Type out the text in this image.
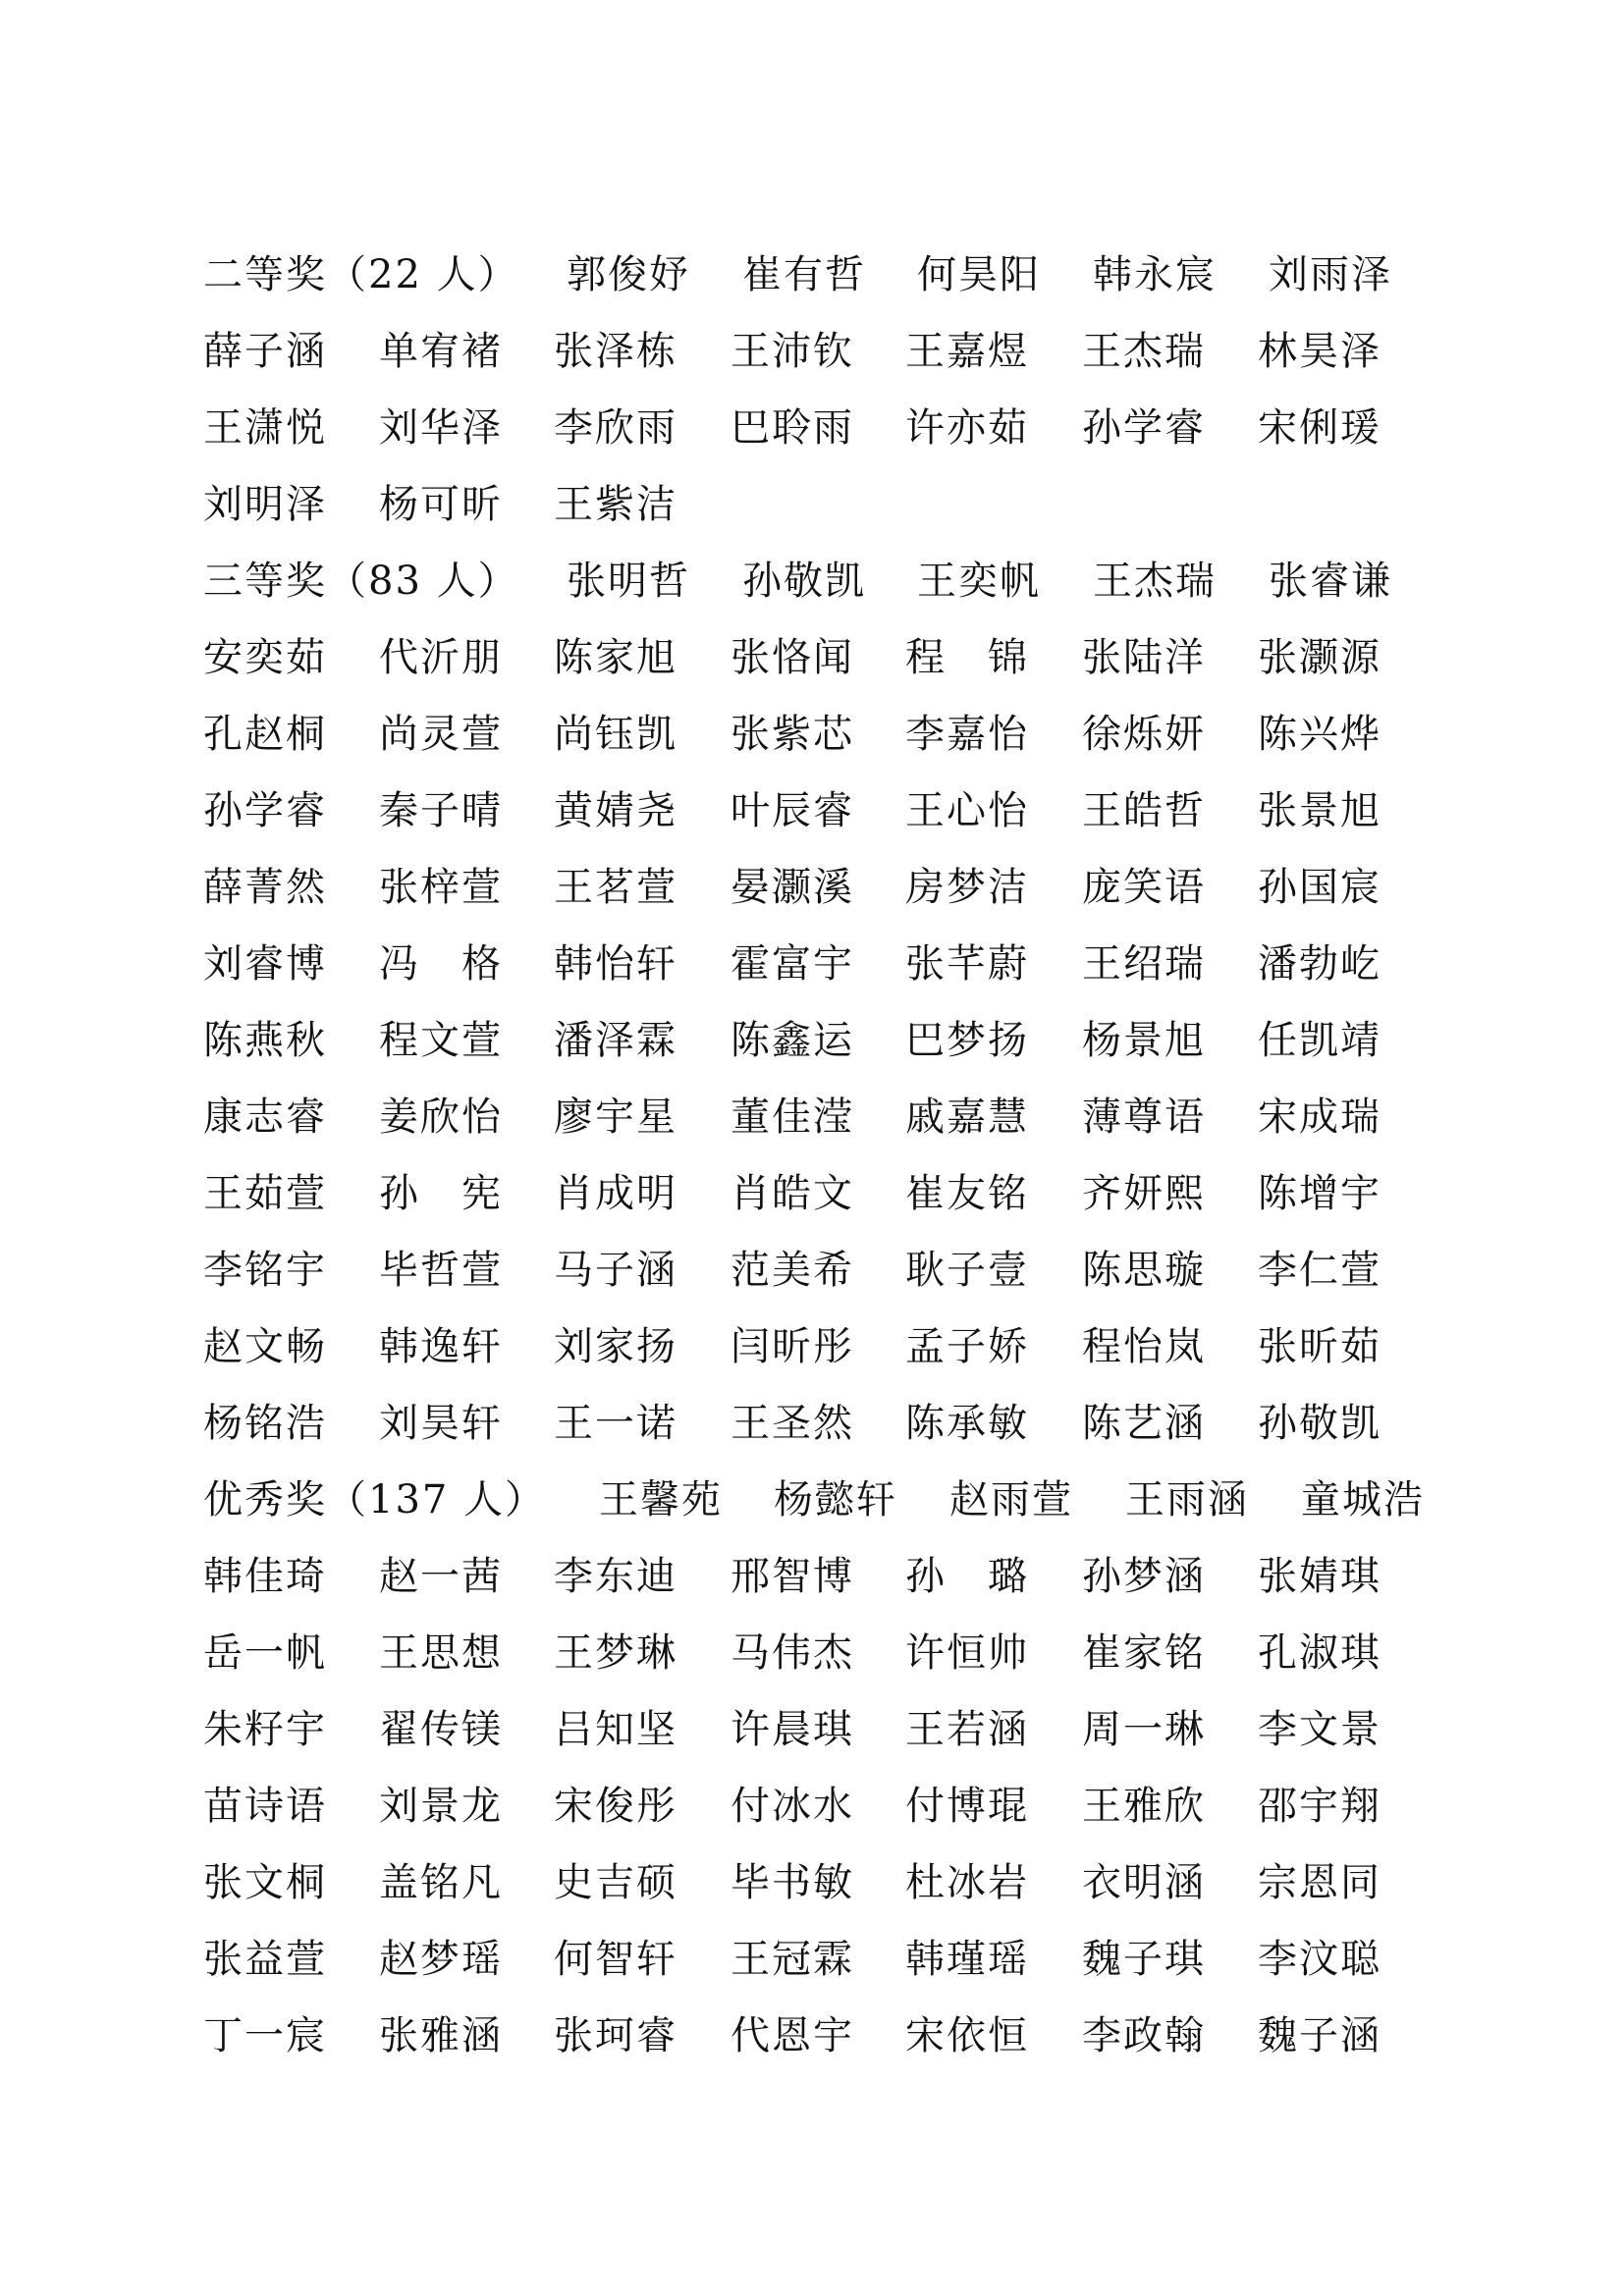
二等奖（22 人） 郭俊妤 崔有哲 何昊阳 韩永宸 刘雨泽
薛子涵 单宥褚 张泽栋 王沛钦 王嘉煜 王杰瑞 林昊泽
王潇悦 刘华泽 李欣雨 巴聆雨 许亦茹 孙学睿 宋俐瑗
刘明泽 杨可昕 王紫洁
三等奖（83 人） 张明哲 孙敬凯 王奕帆 王杰瑞 张睿谦
安奕茹 代沂朋 陈家旭 张恪闻 程　锦 张陆洋 张灏源
孔赵桐 尚灵萱 尚钰凯 张紫芯 李嘉怡 徐烁妍 陈兴烨
孙学睿 秦子晴 黄婧尧 叶辰睿 王心怡 王皓哲 张景旭
薛菁然 张梓萱 王茗萱 晏灏溪 房梦洁 庞笑语 孙国宸
刘睿博 冯　格 韩怡轩 霍富宇 张芊蔚 王绍瑞 潘勃屹
陈燕秋 程文萱 潘泽霖 陈鑫运 巴梦扬 杨景旭 任凯靖
康志睿 姜欣怡 廖宇星 董佳滢 戚嘉慧 薄尊语 宋成瑞
王茹萱 孙　宪 肖成明 肖皓文 崔友铭 齐妍熙 陈增宇
李铭宇 毕哲萱 马子涵 范美希 耿子壹 陈思璇 李仁萱
赵文畅 韩逸轩 刘家扬 闫昕彤 孟子娇 程怡岚 张昕茹
杨铭浩 刘昊轩 王一诺 王圣然 陈承敏 陈艺涵 孙敬凯
优秀奖（137 人） 王馨苑 杨懿轩 赵雨萱 王雨涵 童城浩
韩佳琦 赵一茜 李东迪 邢智博 孙　璐 孙梦涵 张婧琪
岳一帆 王思想 王梦琳 马伟杰 许恒帅 崔家铭 孔淑琪
朱籽宇 翟传镁 吕知坚 许晨琪 王若涵 周一琳 李文景
苗诗语 刘景龙 宋俊彤 付冰水 付博琨 王雅欣 邵宇翔
张文桐 盖铭凡 史吉硕 毕书敏 杜冰岩 衣明涵 宗恩同
张益萱 赵梦瑶 何智轩 王冠霖 韩瑾瑶 魏子琪 李汶聪
丁一宸 张雅涵 张珂睿 代恩宇 宋依恒 李政翰 魏子涵
